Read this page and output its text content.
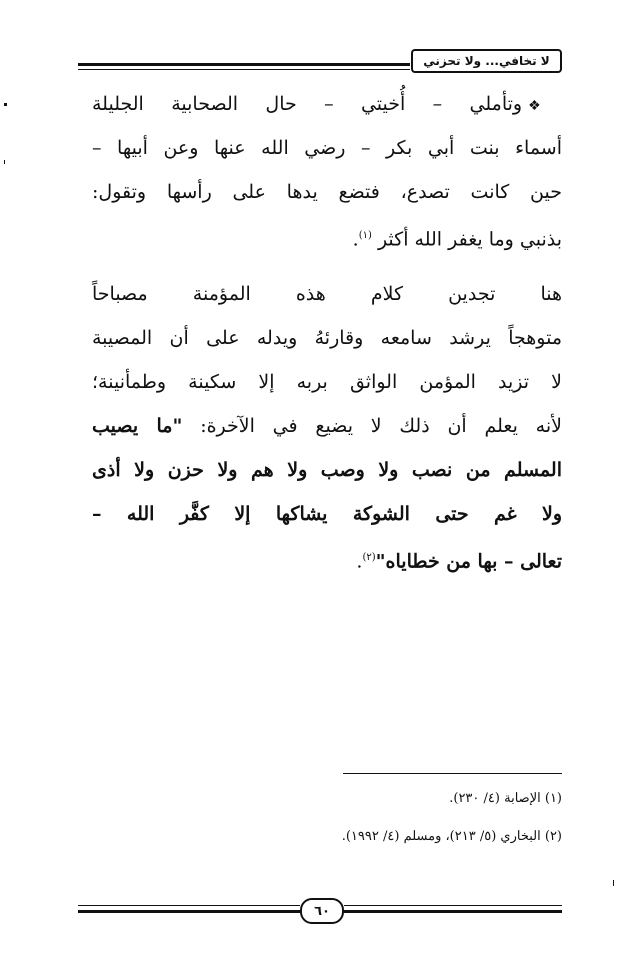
لا تخافي... ولا تحزني
❖وتأملي – أُخيتي – حال الصحابية الجليلة
أسماء بنت أبي بكر – رضي الله عنها وعن أبيها –
حين كانت تصدع، فتضع يدها على رأسها وتقول:
بذنبي وما يغفر الله أكثر $^{(١)}$.
هنا تجدين كلام هذه المؤمنة مصباحاً
متوهجاً يرشد سامعه وقارئهُ ويدله على أن المصيبة
لا تزيد المؤمن الواثق بربه إلا سكينة وطمأنينة؛
لأنه يعلم أن ذلك لا يضيع في الآخرة: "ما يصيب
المسلم من نصب ولا وصب ولا هم ولا حزن ولا أذى
ولا غم حتى الشوكة يشاكها إلا كفَّر الله –
تعالى – بها من خطاياه"$^{(٢)}$.
(١) الإصابة (٤/ ٢٣٠).
(٢) البخاري (٥/ ٢١٣)، ومسلم (٤/ ١٩٩٢).
٦٠
